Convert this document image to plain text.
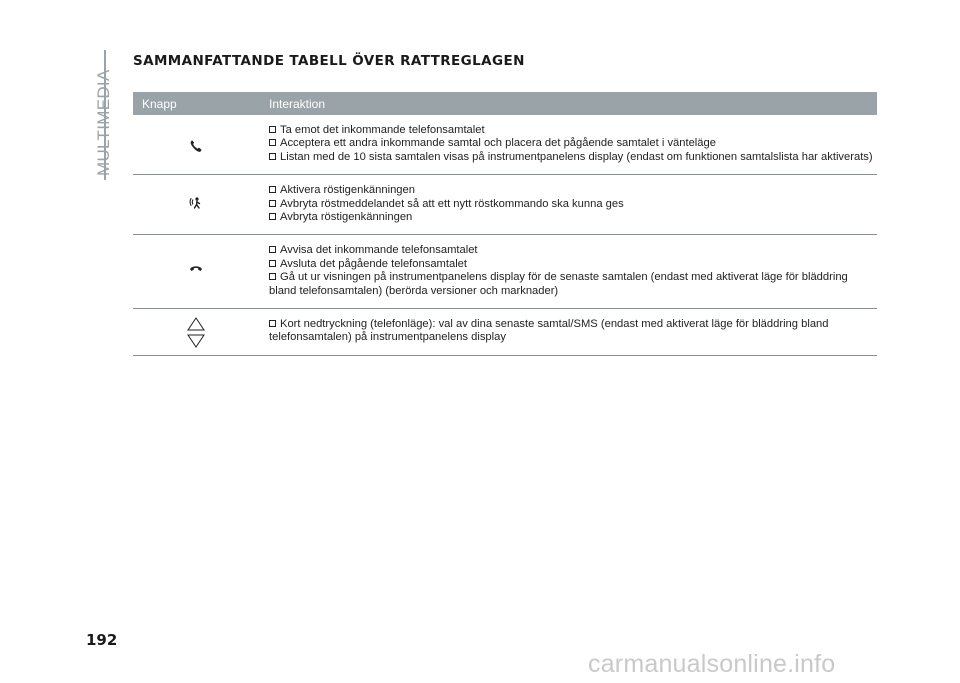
MULTIMEDIA
SAMMANFATTANDE TABELL ÖVER RATTREGLAGEN
Knapp	Interaktion
Ta emot det inkommande telefonsamtalet
Acceptera ett andra inkommande samtal och placera det pågående samtalet i vänteläge
Listan med de 10 sista samtalen visas på instrumentpanelens display (endast om funktionen samtalslista har aktiverats)
Aktivera röstigenkänningen
Avbryta röstmeddelandet så att ett nytt röstkommando ska kunna ges
Avbryta röstigenkänningen
Avvisa det inkommande telefonsamtalet
Avsluta det pågående telefonsamtalet
Gå ut ur visningen på instrumentpanelens display för de senaste samtalen (endast med aktiverat läge för bläddring bland telefonsamtalen) (berörda versioner och marknader)
Kort nedtryckning (telefonläge): val av dina senaste samtal/SMS (endast med aktiverat läge för bläddring bland telefonsamtalen) på instrumentpanelens display
192
carmanualsonline.info
